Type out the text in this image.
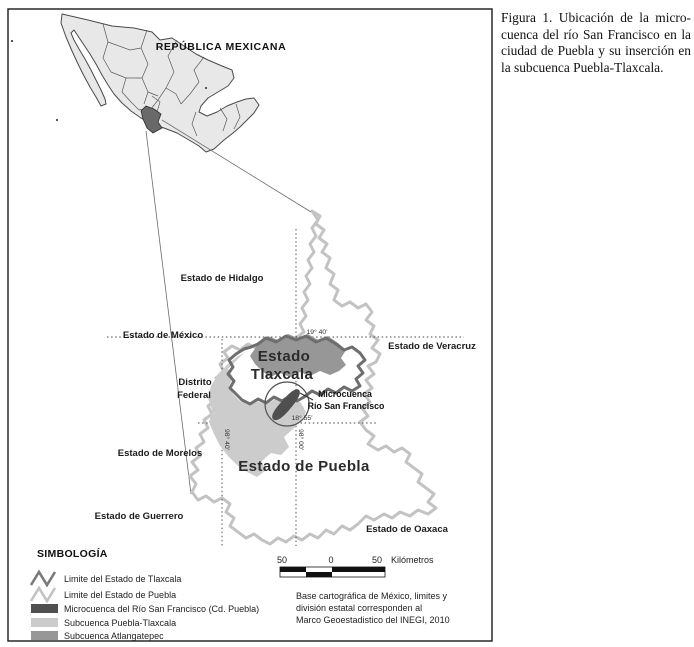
REPÚBLICA MEXICANA
Estado de Hidalgo
Estado de México
Estado de Veracruz
Estado de Morelos
Estado de Guerrero
Estado de Oaxaca
Distrito
Federal
Estado
Tlaxcala
Estado de Puebla
Microcuenca
Río San Francisco
19° 40'
18° 55'
98° 40'	98° 00'
SIMBOLOGÍA
Limite del Estado de Tlaxcala
Limite del Estado de Puebla
Microcuenca del Río San Francisco (Cd. Puebla)
Subcuenca Puebla-Tlaxcala
Subcuenca Atlangatepec
50	0	50 Kilómetros
Base cartográfica de México, limites y
división estatal corresponden al
Marco Geoestadistico del INEGI, 2010
Figura 1. Ubicación de la micro-cuenca del río San Francisco en la ciudad de Puebla y su inserción en la subcuenca Puebla-Tlaxcala.
